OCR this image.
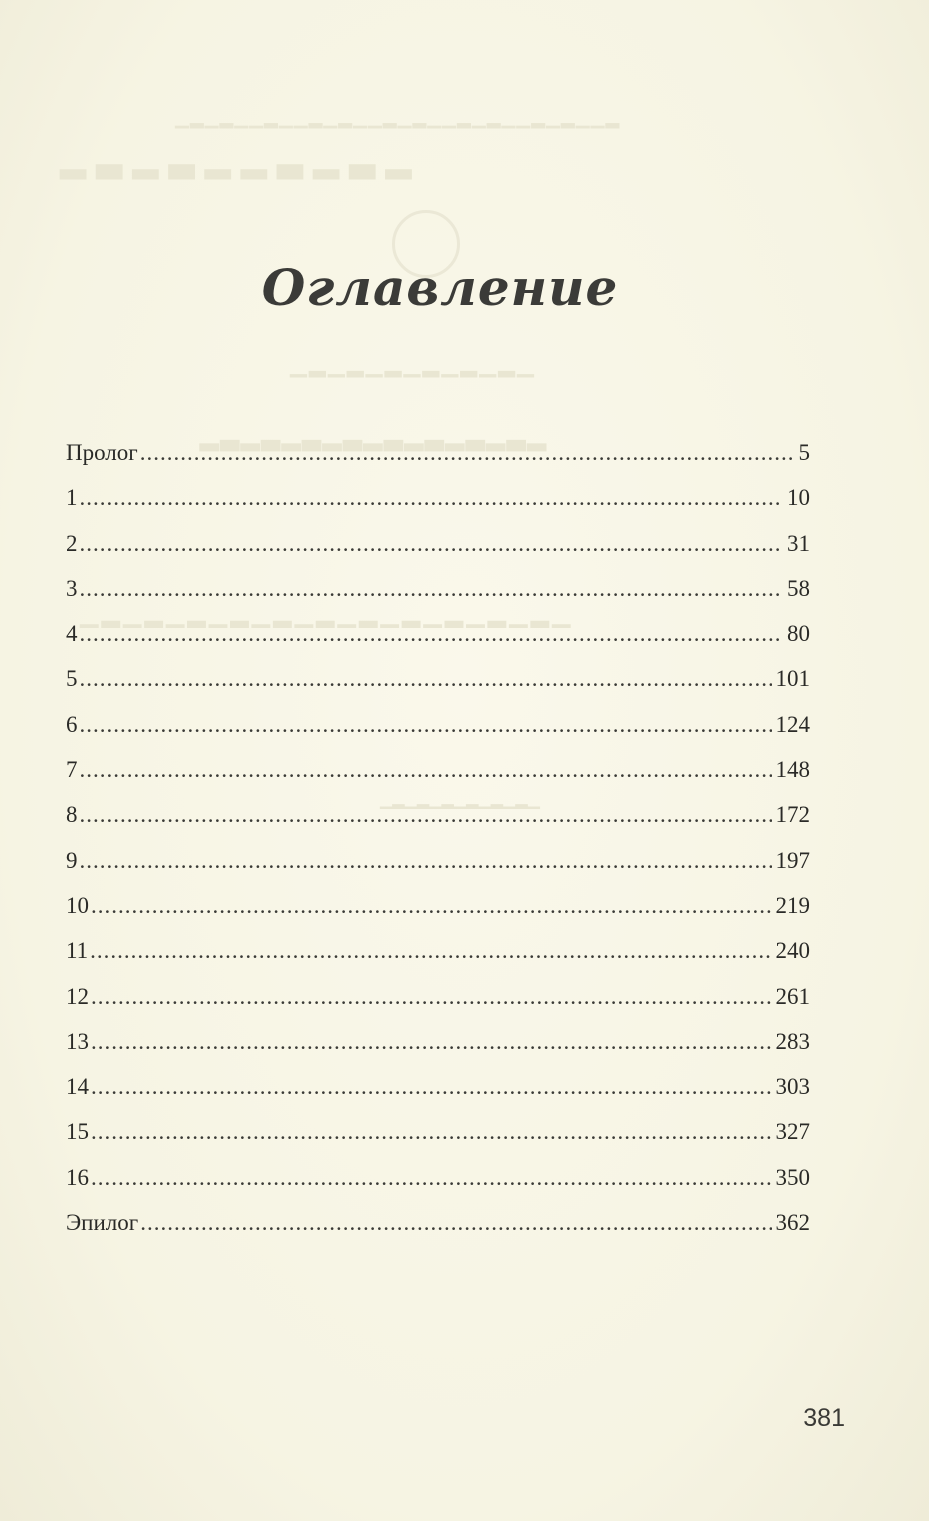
▁▂▁▂▁▁▂▁▁▂▁▂▁▁▂▁▂▁▁▂▁▂▁▁▂▁▂▁▁▂
▂▃▂▃▂▂▃▂▃▂
▁▂▁▂▁▂▁▂▁▂▁▂▁
▂▃▂▃▂▃▂▃▂▃▂▃▂▃▂▃▂
▁▂▁▂▁▂▁▂▁▂▁▂▁▂▁▂▁▂▁▂▁▂▁
▁▂▁▂▁▂▁▂▁▂▁▂▁
Оглавление
Пролог .....	5
1 .....	10
2 .....	31
3 .....	58
4 .....	80
5 .....	101
6 .....	124
7 .....	148
8 .....	172
9 .....	197
10 .....	219
11 .....	240
12 .....	261
13 .....	283
14 .....	303
15 .....	327
16 .....	350
Эпилог .....	362
381
